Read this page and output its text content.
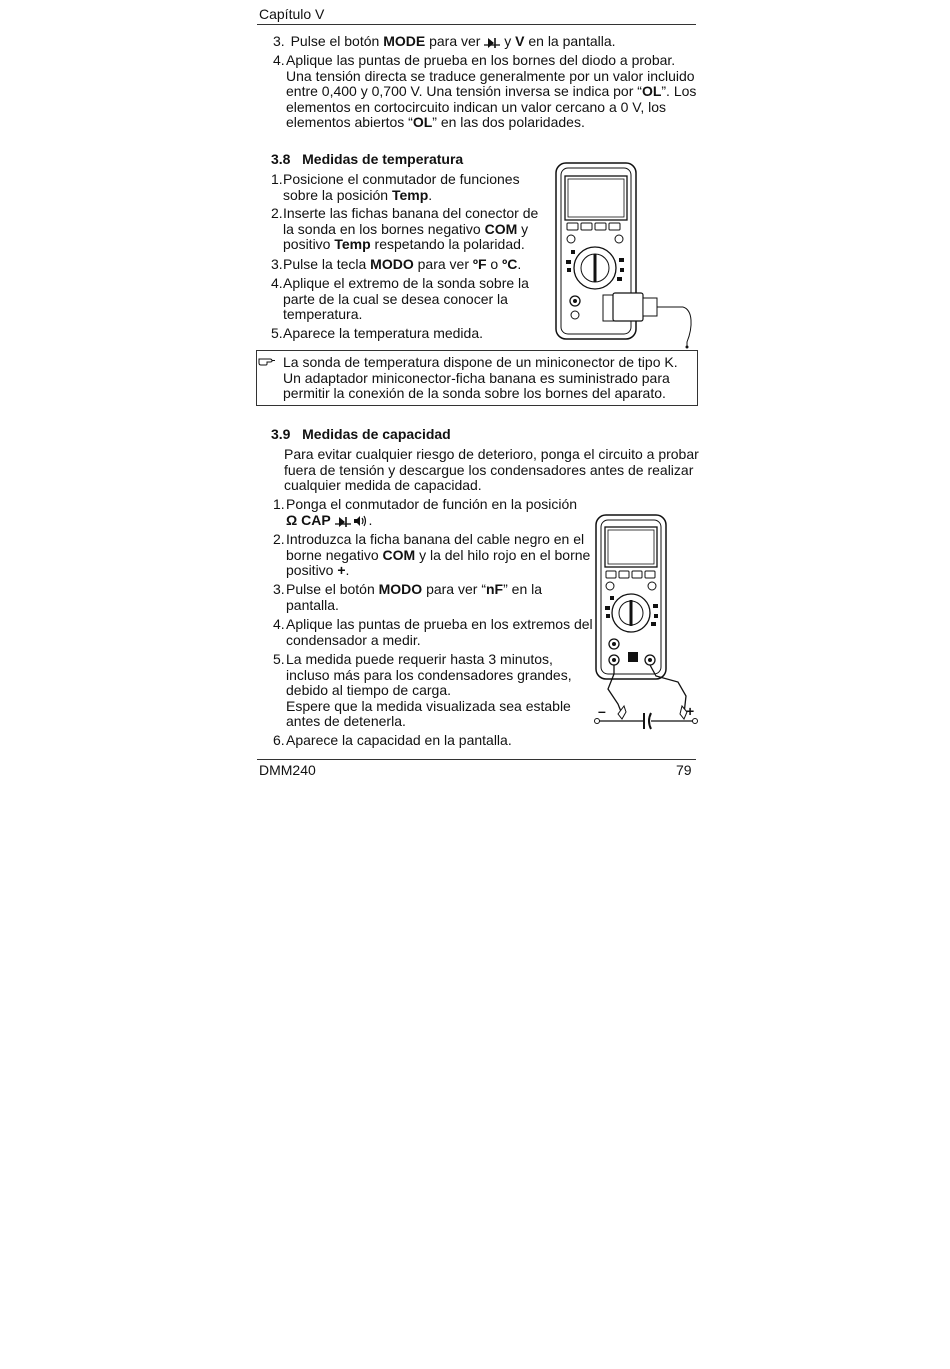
Capítulo V
3. Pulse el botón MODE para ver  y V en la pantalla.
4. Aplique las puntas de prueba en los bornes del diodo a probar.
Una tensión directa se traduce generalmente por un valor incluido
entre 0,400 y 0,700 V. Una tensión inversa se indica por “OL”. Los
elementos en cortocircuito indican un valor cercano a 0 V, los
elementos abiertos “OL” en las dos polaridades.
3.8   Medidas de temperatura
1. Posicione el conmutador de funciones
sobre la posición Temp.
2. Inserte las fichas banana del conector de
la sonda en los bornes negativo COM y
positivo Temp respetando la polaridad.
3. Pulse la tecla MODO para ver ºF o ºC.
4. Aplique el extremo de la sonda sobre la
parte de la cual se desea conocer la
temperatura.
5. Aparece la temperatura medida.
La sonda de temperatura dispone de un miniconector de tipo K.
Un adaptador miniconector-ficha banana es suministrado para
permitir la conexión de la sonda sobre los bornes del aparato.
3.9   Medidas de capacidad
Para evitar cualquier riesgo de deterioro, ponga el circuito a probar
fuera de tensión y descargue los condensadores antes de realizar
cualquier medida de capacidad.
1. Ponga el conmutador de función en la posición
Ω CAP	.
2. Introduzca la ficha banana del cable negro en el
borne negativo COM y la del hilo rojo en el borne
positivo +.
3. Pulse el botón MODO para ver “nF” en la
pantalla.
4. Aplique las puntas de prueba en los extremos del
condensador a medir.
5. La medida puede requerir hasta 3 minutos,
incluso más para los condensadores grandes,
debido al tiempo de carga.
Espere que la medida visualizada sea estable
antes de detenerla.
6. Aparece la capacidad en la pantalla.
–	+
DMM240	79
